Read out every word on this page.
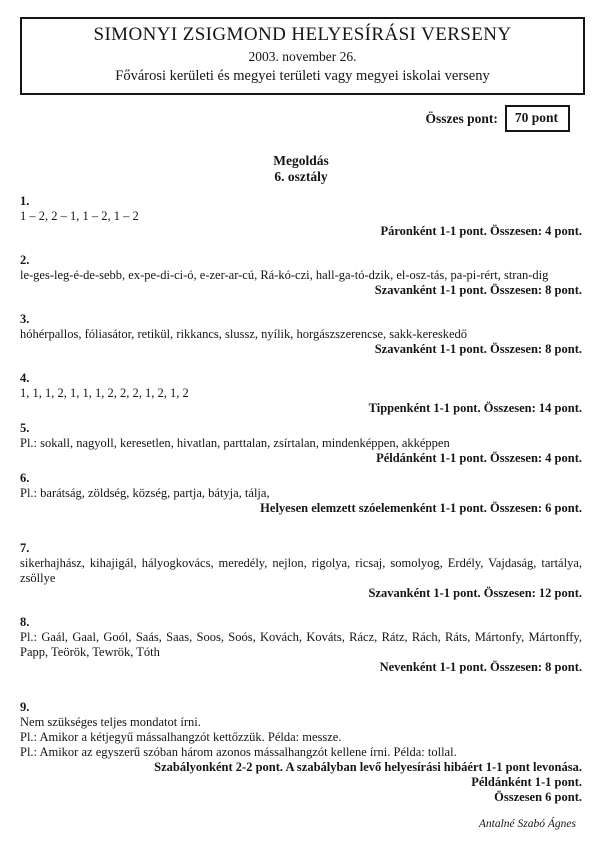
SIMONYI ZSIGMOND HELYESÍRÁSI VERSENY
2003. november 26.
Fővárosi kerületi és megyei területi vagy megyei iskolai verseny
Összes pont:	70 pont
Megoldás
6. osztály
1.
1 – 2, 2 – 1, 1 – 2, 1 – 2
Páronként 1-1 pont. Összesen: 4 pont.
2.
le-ges-leg-é-de-sebb, ex-pe-di-ci-ó, e-zer-ar-cú, Rá-kó-czi, hall-ga-tó-dzik, el-osz-tás, pa-pi-rért, stran-dig
Szavanként 1-1 pont. Összesen: 8 pont.
3.
hóhérpallos, fóliasátor, retikül, rikkancs, slussz, nyílik, horgászszerencse, sakk-kereskedő
Szavanként 1-1 pont. Összesen: 8 pont.
4.
1, 1, 1, 2, 1, 1, 1, 2, 2, 2, 1, 2, 1, 2
Tippenként 1-1 pont. Összesen: 14 pont.
5.
Pl.: sokall, nagyoll, keresetlen, hivatlan, parttalan, zsírtalan, mindenképpen, akképpen
Példánként 1-1 pont. Összesen: 4 pont.
6.
Pl.: barátság, zöldség, község, partja, bátyja, tálja,
Helyesen elemzett szóelemenként 1-1 pont. Összesen: 6 pont.
7.
sikerhajhász, kihajigál, hályogkovács, meredély, nejlon, rigolya, ricsaj, somolyog, Erdély, Vajdaság, tartálya, zsöllye
Szavanként 1-1 pont. Összesen: 12 pont.
8.
Pl.: Gaál, Gaal, Goól, Saás, Saas, Soos, Soós, Kovách, Kováts, Rácz, Rátz, Rách, Ráts, Mártonfy, Mártonffy, Papp, Teörök, Tewrök, Tóth
Nevenként 1-1 pont. Összesen: 8 pont.
9.
Nem szükséges teljes mondatot írni.
Pl.: Amikor a kétjegyű mássalhangzót kettőzzük. Példa: messze.
Pl.: Amikor az egyszerű szóban három azonos mássalhangzót kellene írni. Példa: tollal.
Szabályonként 2-2 pont. A szabályban levő helyesírási hibáért 1-1 pont levonása.
Példánként 1-1 pont.
Összesen 6 pont.
Antalné Szabó Ágnes
